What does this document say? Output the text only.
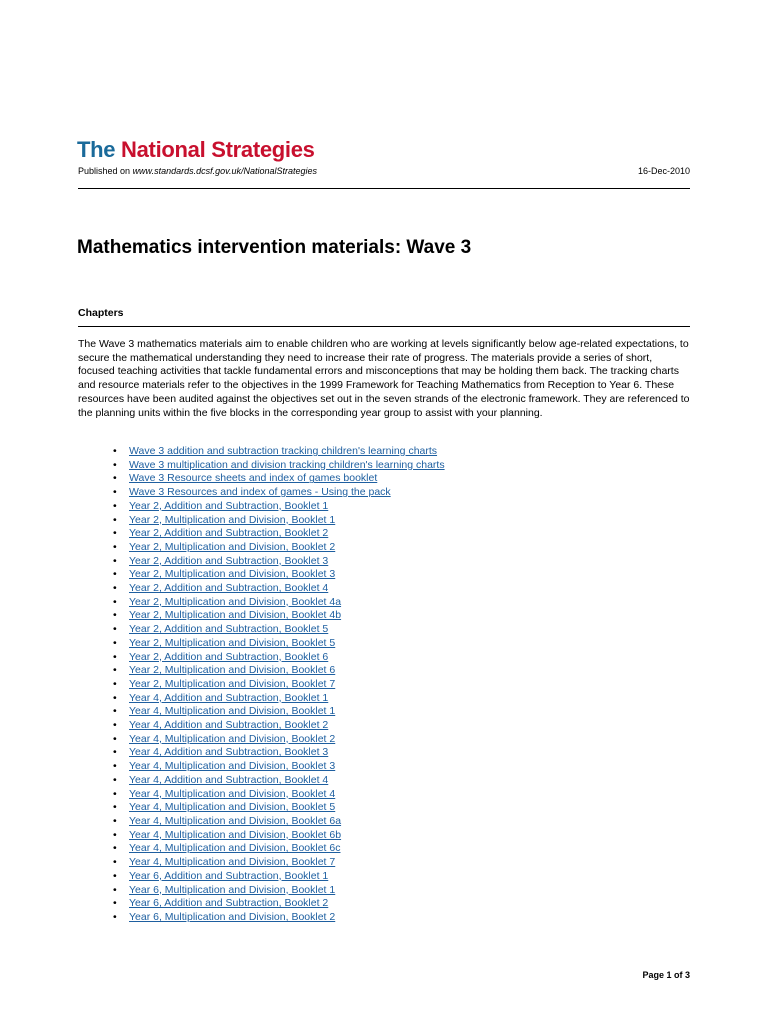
The National Strategies
Published on www.standards.dcsf.gov.uk/NationalStrategies	16-Dec-2010
Mathematics intervention materials: Wave 3
Chapters
The Wave 3 mathematics materials aim to enable children who are working at levels significantly below age-related expectations, to secure the mathematical understanding they need to increase their rate of progress. The materials provide a series of short, focused teaching activities that tackle fundamental errors and misconceptions that may be holding them back. The tracking charts and resource materials refer to the objectives in the 1999 Framework for Teaching Mathematics from Reception to Year 6. These resources have been audited against the objectives set out in the seven strands of the electronic framework. They are referenced to the planning units within the five blocks in the corresponding year group to assist with your planning.
• Wave 3 addition and subtraction tracking children's learning charts
• Wave 3 multiplication and division tracking children's learning charts
• Wave 3 Resource sheets and index of games booklet
• Wave 3 Resources and index of games - Using the pack
• Year 2, Addition and Subtraction, Booklet 1
• Year 2, Multiplication and Division, Booklet 1
• Year 2, Addition and Subtraction, Booklet 2
• Year 2, Multiplication and Division, Booklet 2
• Year 2, Addition and Subtraction, Booklet 3
• Year 2, Multiplication and Division, Booklet 3
• Year 2, Addition and Subtraction, Booklet 4
• Year 2, Multiplication and Division, Booklet 4a
• Year 2, Multiplication and Division, Booklet 4b
• Year 2, Addition and Subtraction, Booklet 5
• Year 2, Multiplication and Division, Booklet 5
• Year 2, Addition and Subtraction, Booklet 6
• Year 2, Multiplication and Division, Booklet 6
• Year 2, Multiplication and Division, Booklet 7
• Year 4, Addition and Subtraction, Booklet 1
• Year 4, Multiplication and Division, Booklet 1
• Year 4, Addition and Subtraction, Booklet 2
• Year 4, Multiplication and Division, Booklet 2
• Year 4, Addition and Subtraction, Booklet 3
• Year 4, Multiplication and Division, Booklet 3
• Year 4, Addition and Subtraction, Booklet 4
• Year 4, Multiplication and Division, Booklet 4
• Year 4, Multiplication and Division, Booklet 5
• Year 4, Multiplication and Division, Booklet 6a
• Year 4, Multiplication and Division, Booklet 6b
• Year 4, Multiplication and Division, Booklet 6c
• Year 4, Multiplication and Division, Booklet 7
• Year 6, Addition and Subtraction, Booklet 1
• Year 6, Multiplication and Division, Booklet 1
• Year 6, Addition and Subtraction, Booklet 2
• Year 6, Multiplication and Division, Booklet 2
Page 1 of 3
